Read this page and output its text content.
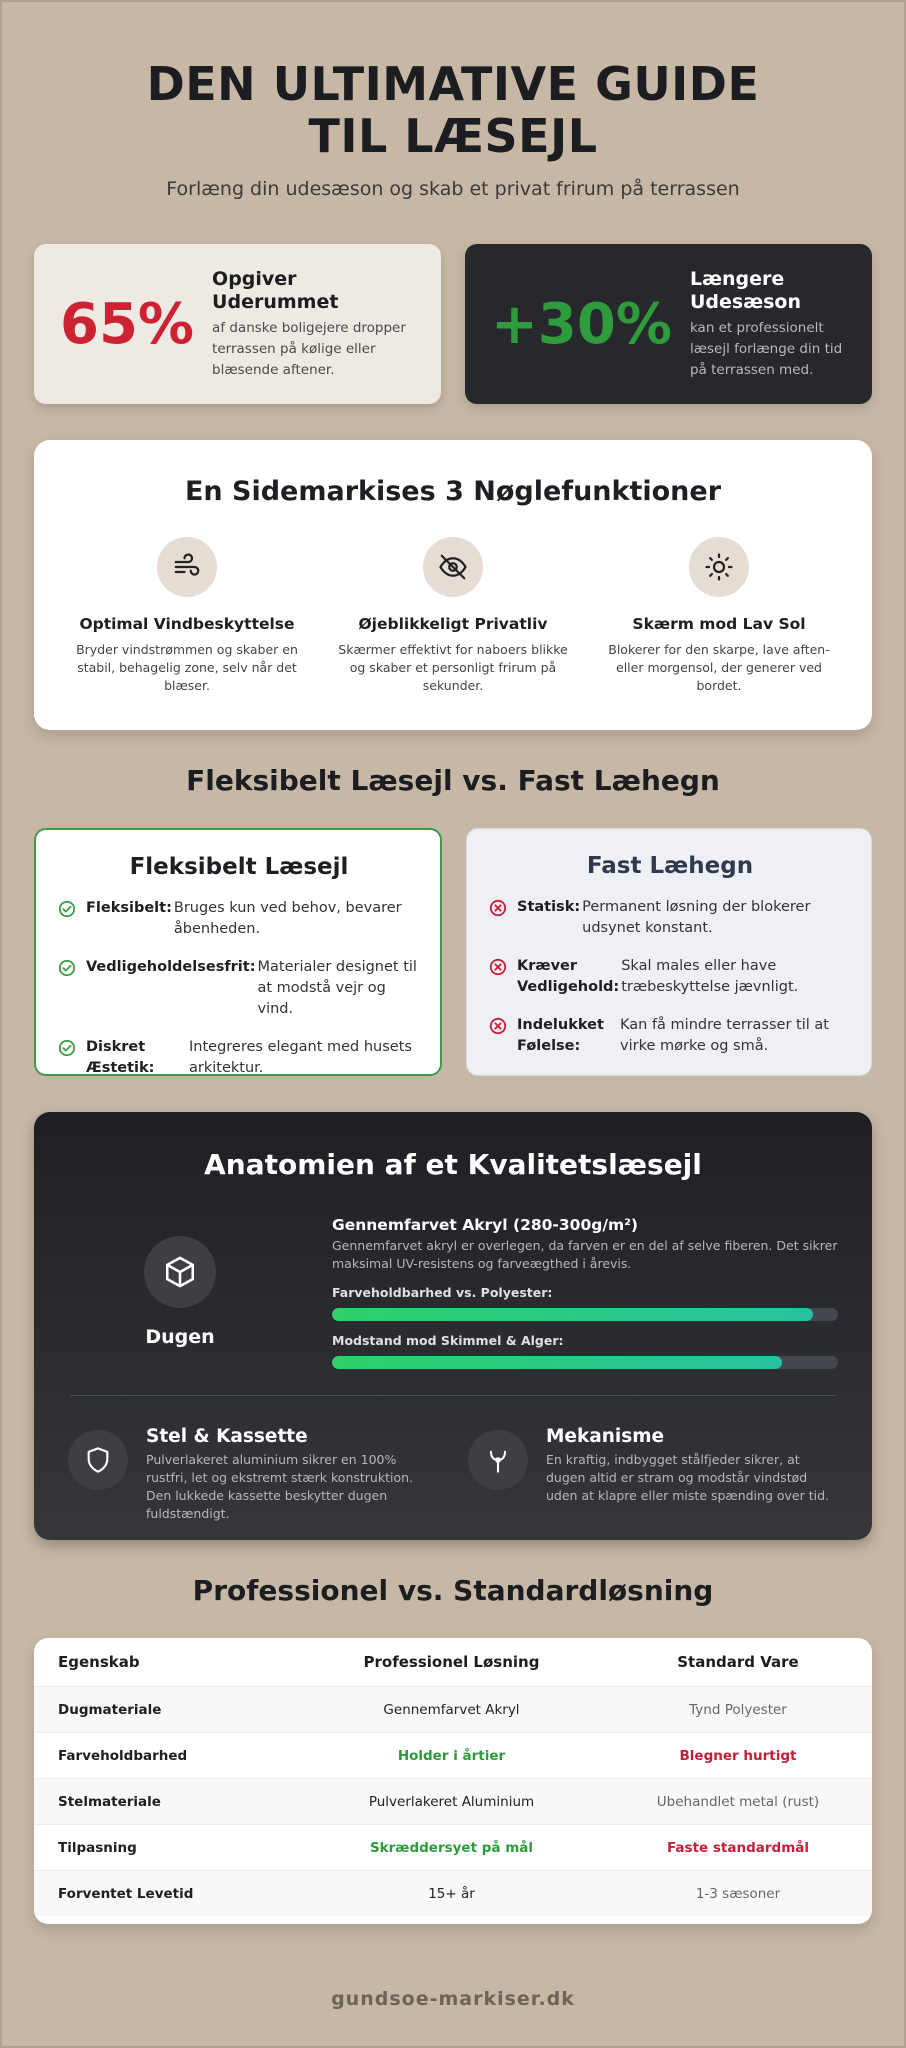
DEN ULTIMATIVE GUIDE TIL LÆSEJL

Forlæng din udesæson og skab et privat frirum på terrassen

65%
Opgiver Uderummet
af danske boligejere dropper terrassen på kølige eller blæsende aftener.
+30%
Længere Udesæson
kan et professionelt læsejl forlænge din tid på terrassen med.
En Sidemarkises 3 Nøglefunktioner
Optimal Vindbeskyttelse
Bryder vindstrømmen og skaber en stabil, behagelig zone, selv når det blæser.
Øjeblikkeligt Privatliv
Skærmer effektivt for naboers blikke og skaber et personligt frirum på sekunder.
Skærm mod Lav Sol
Blokerer for den skarpe, lave aften- eller morgensol, der generer ved bordet.
Fleksibelt Læsejl vs. Fast Læhegn
Fleksibelt Læsejl
Fleksibelt: Bruges kun ved behov, bevarer åbenheden.
Vedligeholdelsesfrit: Materialer designet til at modstå vejr og vind.
Diskret Æstetik:
Integreres elegant med husets arkitektur.
Fast Læhegn
Statisk: Permanent løsning der blokerer udsynet konstant.
Kræver Vedligehold:
Skal males eller have træbeskyttelse jævnligt.
Indelukket Følelse:
Kan få mindre terrasser til at virke mørke og små.
Anatomien af et Kvalitetslæsejl
Dugen
Gennemfarvet Akryl (280-300g/m²)
Gennemfarvet akryl er overlegen, da farven er en del af selve fiberen. Det sikrer maksimal UV-resistens og farveægthed i årevis.
Farveholdbarhed vs. Polyester:
Modstand mod Skimmel & Alger:
Stel & Kassette
Pulverlakeret aluminium sikrer en 100% rustfri, let og ekstremt stærk konstruktion. Den lukkede kassette beskytter dugen fuldstændigt.
Mekanisme
En kraftig, indbygget stålfjeder sikrer, at dugen altid er stram og modstår vindstød uden at klapre eller miste spænding over tid.
Professionel vs. Standardløsning
Egenskab	Professionel Løsning	Standard Vare
Dugmateriale	Gennemfarvet Akryl	Tynd Polyester
Farveholdbarhed	Holder i årtier	Blegner hurtigt
Stelmateriale	Pulverlakeret Aluminium	Ubehandlet metal (rust)
Tilpasning	Skræddersyet på mål	Faste standardmål
Forventet Levetid	15+ år	1-3 sæsoner
gundsoe-markiser.dk
